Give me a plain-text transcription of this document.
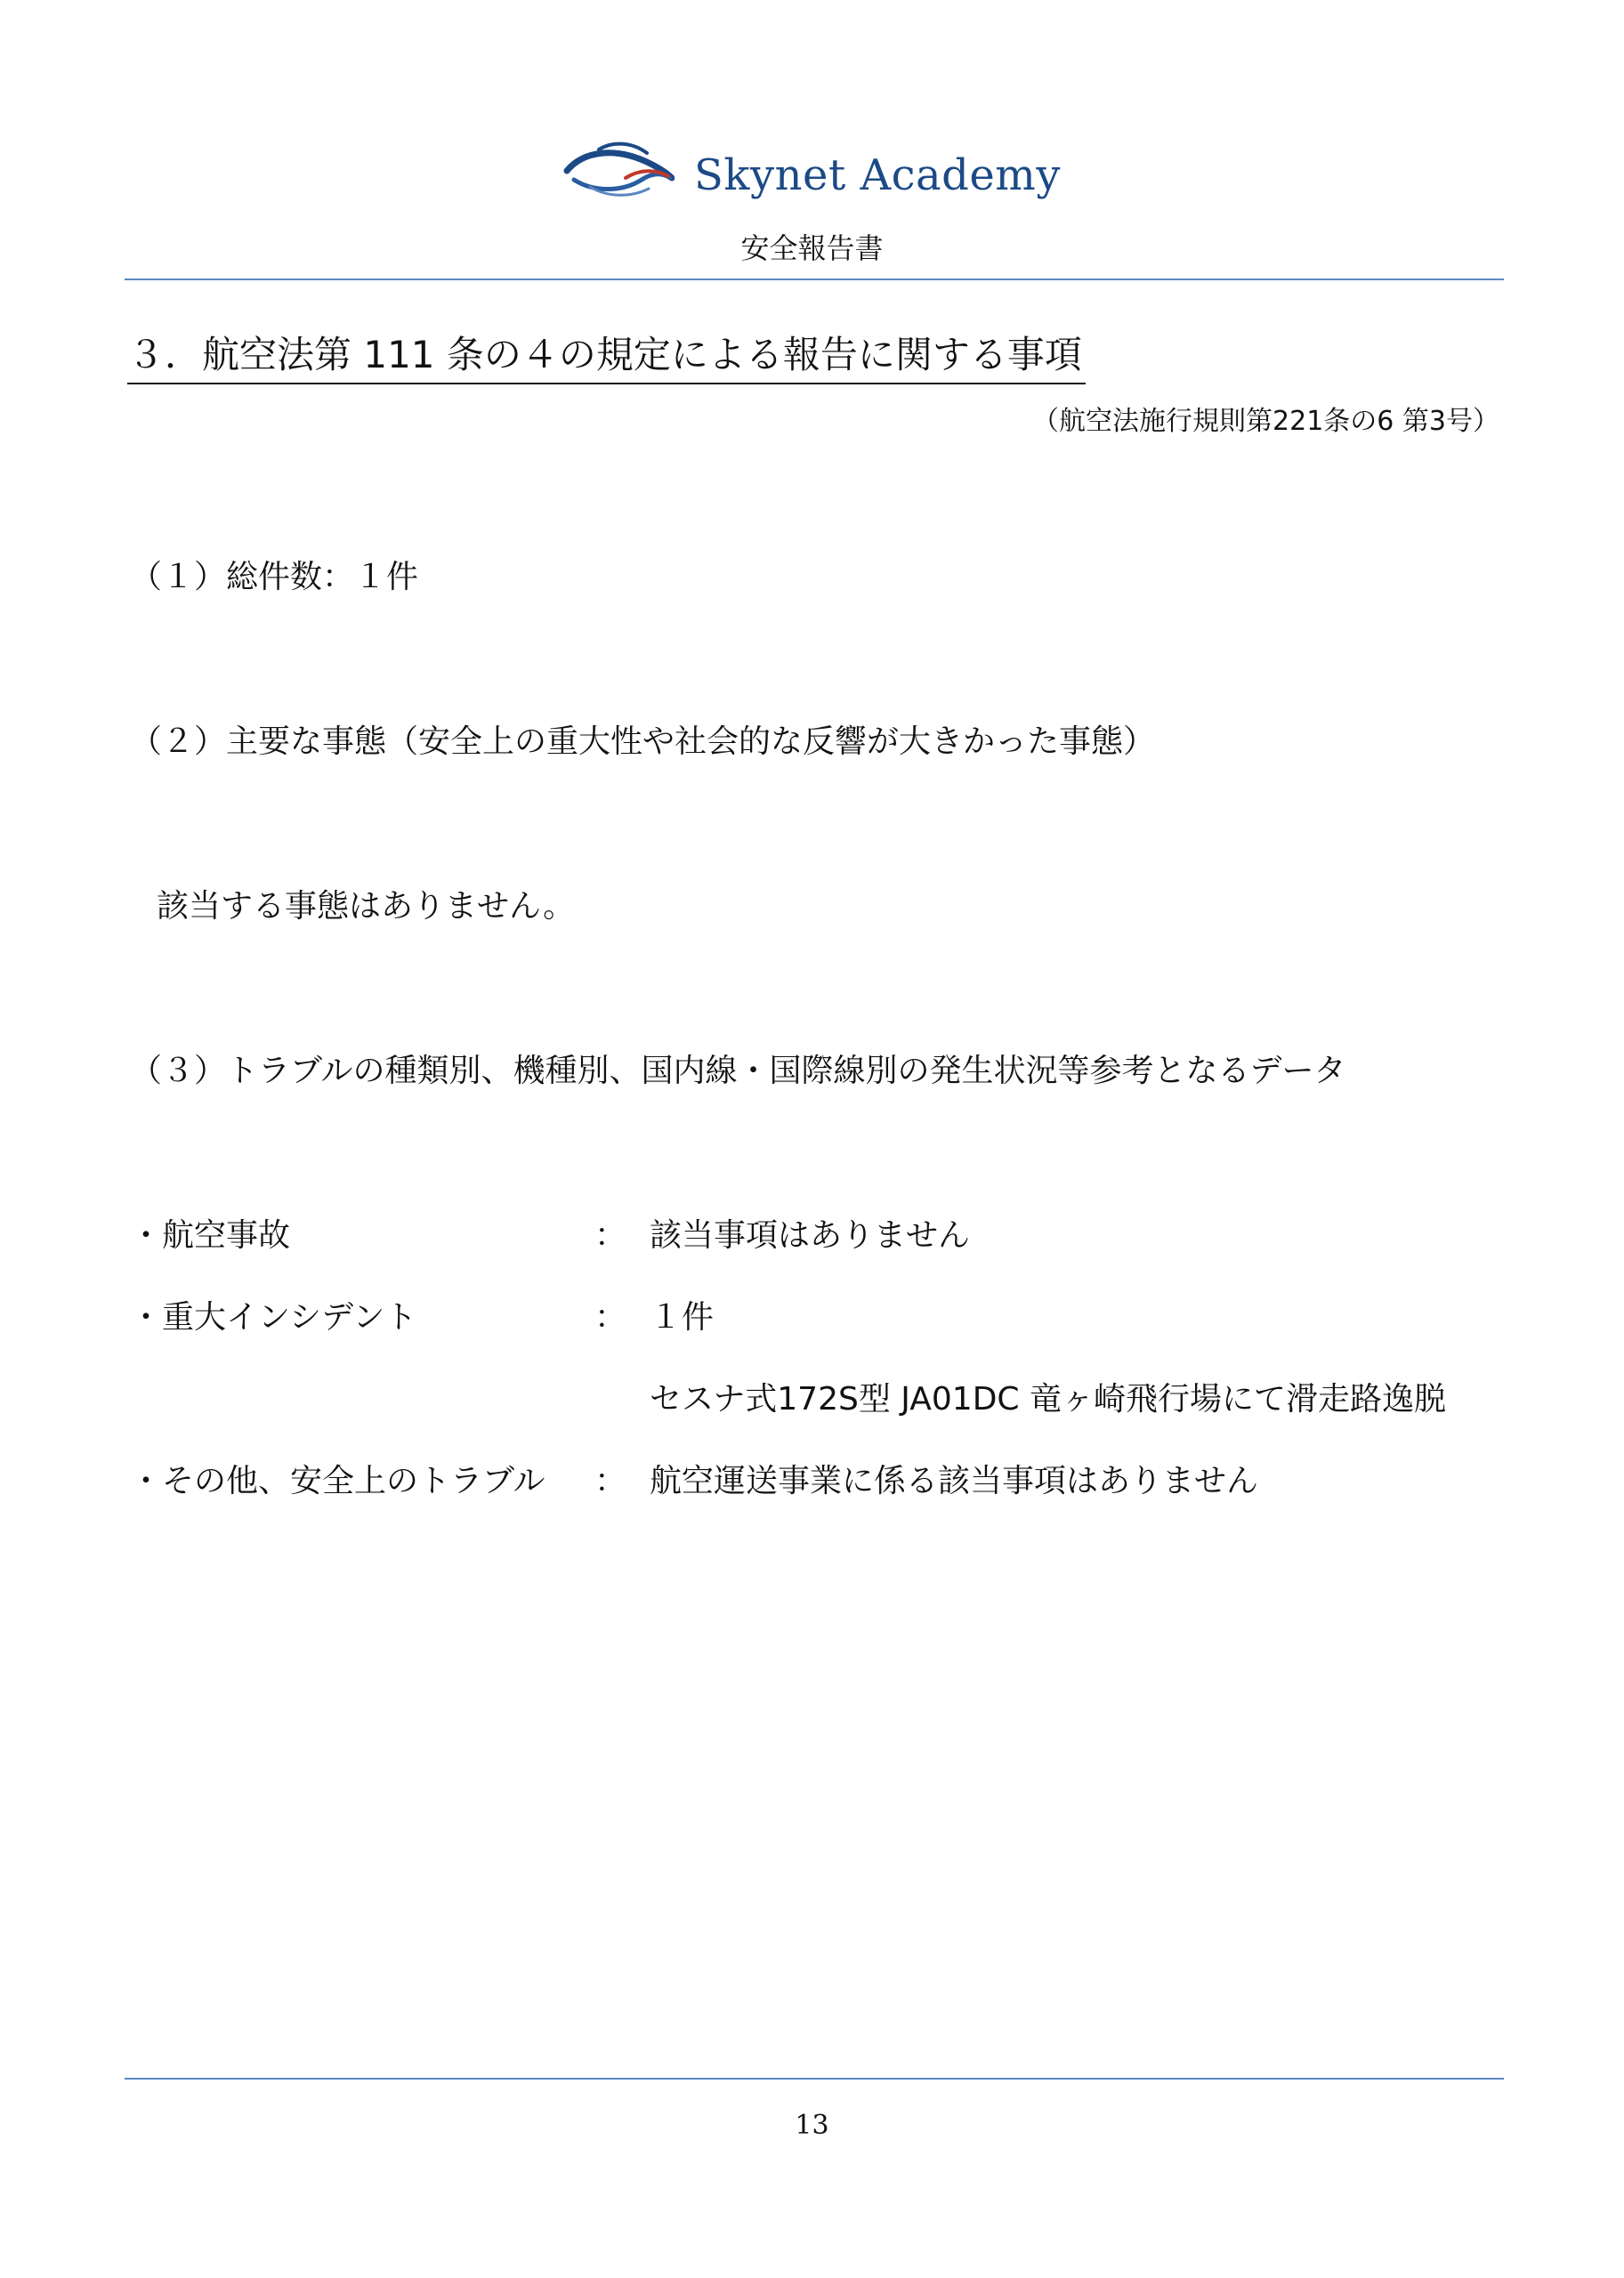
Skynet Academy
安全報告書
３．航空法第 111 条の４の規定による報告に関する事項
（航空法施行規則第221条の6 第3号）
（１）総件数：１件
（２）主要な事態（安全上の重大性や社会的な反響が大きかった事態）
該当する事態はありません。
（３）トラブルの種類別、機種別、国内線・国際線別の発生状況等参考となるデータ
・航空事故	： 該当事項はありません
・重大インシデント	： １件
セスナ式172S型 JA01DC 竜ヶ崎飛行場にて滑走路逸脱
・その他、安全上のトラブル ： 航空運送事業に係る該当事項はありません
13
